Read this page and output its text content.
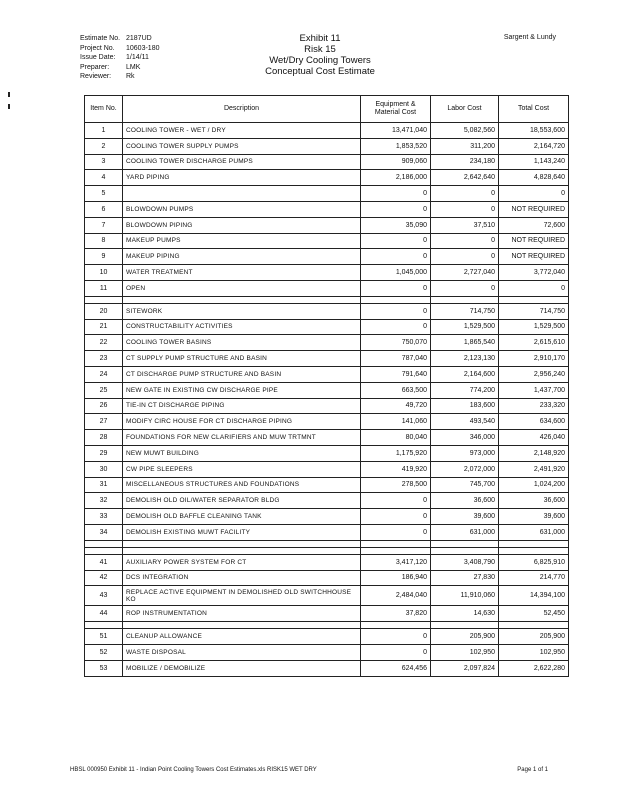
Estimate No. 2187UD
Project No.	10603-180
Issue Date:	1/14/11
Preparer:	LMK
Reviewer:	Rk
Exhibit 11
Risk 15
Wet/Dry Cooling Towers
Conceptual Cost Estimate
Sargent & Lundy
Item No.	Description	Equipment & Material Cost	Labor Cost	Total Cost
1	COOLING TOWER - WET / DRY	13,471,040	5,082,560	18,553,600
2	COOLING TOWER SUPPLY PUMPS	1,853,520	311,200	2,164,720
3	COOLING TOWER DISCHARGE PUMPS	909,060	234,180	1,143,240
4	YARD PIPING	2,186,000	2,642,640	4,828,640
5		0	0	0
6	BLOWDOWN PUMPS	0	0	NOT REQUIRED
7	BLOWDOWN PIPING	35,090	37,510	72,600
8	MAKEUP PUMPS	0	0	NOT REQUIRED
9	MAKEUP PIPING	0	0	NOT REQUIRED
10	WATER TREATMENT	1,045,000	2,727,040	3,772,040
11	OPEN	0	0	0

20	SITEWORK	0	714,750	714,750
21	CONSTRUCTABILITY ACTIVITIES	0	1,529,500	1,529,500
22	COOLING TOWER BASINS	750,070	1,865,540	2,615,610
23	CT SUPPLY PUMP STRUCTURE AND BASIN	787,040	2,123,130	2,910,170
24	CT DISCHARGE PUMP STRUCTURE AND BASIN	791,640	2,164,600	2,956,240
25	NEW GATE IN EXISTING CW DISCHARGE PIPE	663,500	774,200	1,437,700
26	TIE-IN CT DISCHARGE PIPING	49,720	183,600	233,320
27	MODIFY CIRC HOUSE FOR CT DISCHARGE PIPING	141,060	493,540	634,600
28	FOUNDATIONS FOR NEW CLARIFIERS AND MUW TRTMNT	80,040	346,000	426,040
29	NEW MUWT BUILDING	1,175,920	973,000	2,148,920
30	CW PIPE SLEEPERS	419,920	2,072,000	2,491,920
31	MISCELLANEOUS STRUCTURES AND FOUNDATIONS	278,500	745,700	1,024,200
32	DEMOLISH OLD OIL/WATER SEPARATOR BLDG	0	36,600	36,600
33	DEMOLISH OLD BAFFLE CLEANING TANK	0	39,600	39,600
34	DEMOLISH EXISTING MUWT FACILITY	0	631,000	631,000

41	AUXILIARY POWER SYSTEM FOR CT	3,417,120	3,408,790	6,825,910
42	DCS INTEGRATION	186,940	27,830	214,770
43	REPLACE ACTIVE EQUIPMENT IN DEMOLISHED OLD SWITCHHOUSE KO	2,484,040	11,910,060	14,394,100
44	ROP INSTRUMENTATION	37,820	14,630	52,450

51	CLEANUP ALLOWANCE	0	205,900	205,900
52	WASTE DISPOSAL	0	102,950	102,950
53	MOBILIZE / DEMOBILIZE	624,456	2,097,824	2,622,280
HBSL 000950 Exhibit 11 - Indian Point Cooling Towers Cost Estimates.xls RISK15 WET DRY	Page 1 of 1
